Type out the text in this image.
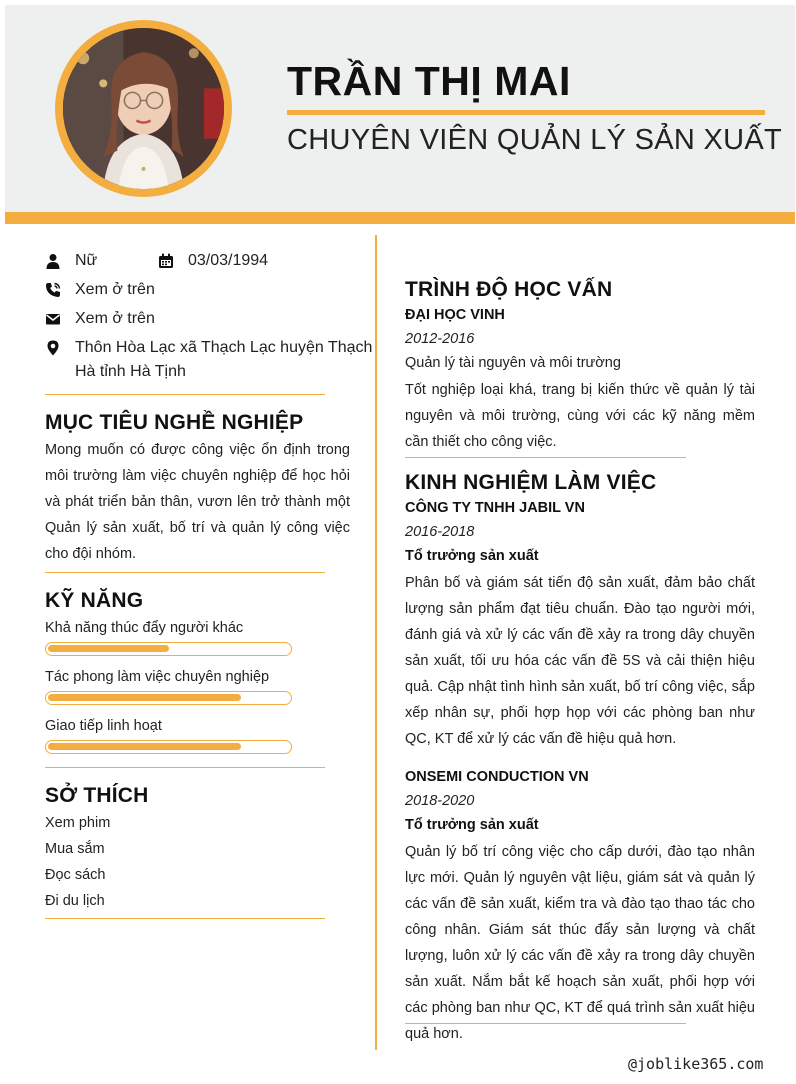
TRẦN THỊ MAI
CHUYÊN VIÊN QUẢN LÝ SẢN XUẤT
Nữ	03/03/1994
Xem ở trên
Xem ở trên
Thôn Hòa Lạc xã Thạch Lạc huyện Thạch
Hà tỉnh Hà Tịnh
MỤC TIÊU NGHỀ NGHIỆP
Mong muốn có được công việc ổn định trong môi trường làm việc chuyên nghiệp để học hỏi và phát triển bản thân, vươn lên trở thành một Quản lý sản xuất, bố trí và quản lý công việc cho đội nhóm.
KỸ NĂNG
Khả năng thúc đẩy người khác
Tác phong làm việc chuyên nghiệp
Giao tiếp linh hoạt
SỞ THÍCH
Xem phim
Mua sắm
Đọc sách
Đi du lịch
TRÌNH ĐỘ HỌC VẤN
ĐẠI HỌC VINH
2012-2016
Quản lý tài nguyên và môi trường
Tốt nghiệp loại khá, trang bị kiến thức về quản lý tài nguyên và môi trường, cùng với các kỹ năng mềm cần thiết cho công việc.
KINH NGHIỆM LÀM VIỆC
CÔNG TY TNHH JABIL VN
2016-2018
Tổ trưởng sản xuất
Phân bố và giám sát tiến độ sản xuất, đảm bảo chất lượng sản phẩm đạt tiêu chuẩn. Đào tạo người mới, đánh giá và xử lý các vấn đề xảy ra trong dây chuyền sản xuất, tối ưu hóa các vấn đề 5S và cải thiện hiệu quả. Cập nhật tình hình sản xuất, bố trí công việc, sắp xếp nhân sự, phối hợp họp với các phòng ban như QC, KT để xử lý các vấn đề hiệu quả hơn.
ONSEMI CONDUCTION VN
2018-2020
Tổ trưởng sản xuất
Quản lý bố trí công việc cho cấp dưới, đào tạo nhân lực mới. Quản lý nguyên vật liệu, giám sát và quản lý các vấn đề sản xuất, kiểm tra và đào tạo thao tác cho công nhân. Giám sát thúc đẩy sản lượng và chất lượng, luôn xử lý các vấn đề xảy ra trong dây chuyền sản xuất. Nắm bắt kế hoạch sản xuất, phối hợp với các phòng ban như QC, KT để quá trình sản xuất hiệu quả hơn.
@joblike365.com
